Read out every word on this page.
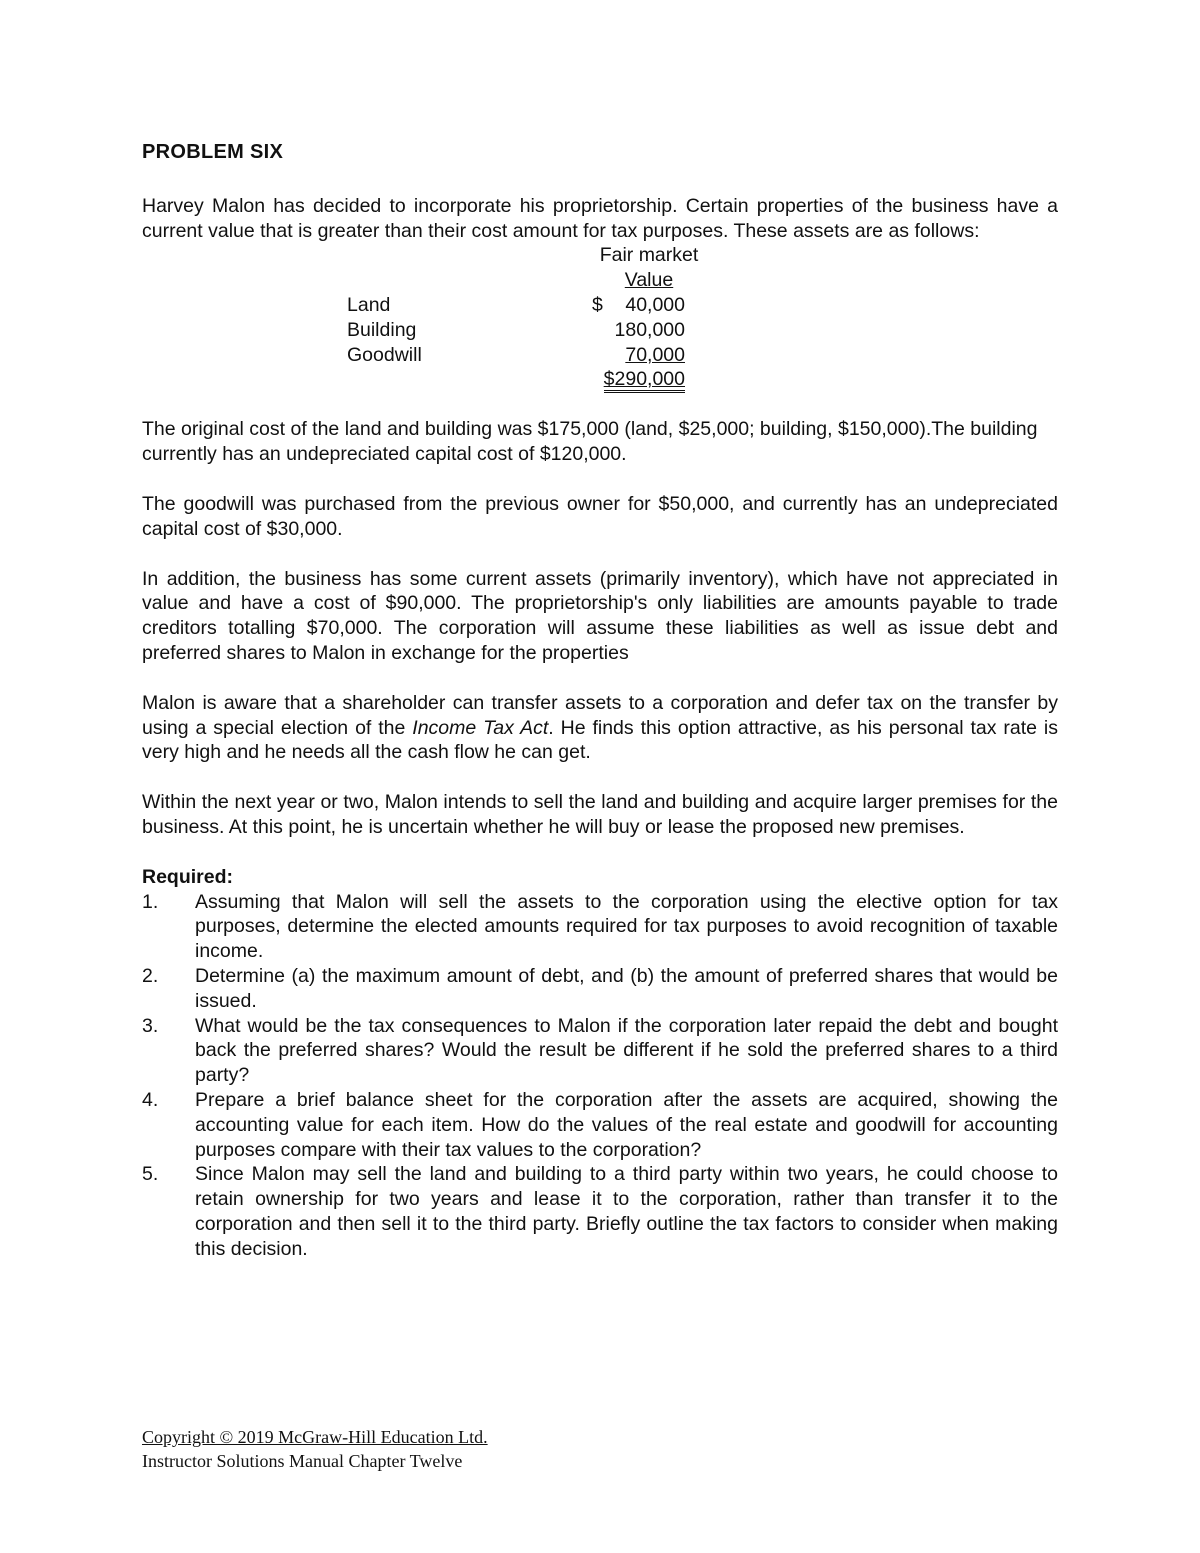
PROBLEM SIX

Harvey Malon has decided to incorporate his proprietorship. Certain properties of the business have a current value that is greater than their cost amount for tax purposes. These assets are as follows:

Fair market
Value
Land	$	40,000
Building	180,000
Goodwill	70,000
$290,000

The original cost of the land and building was $175,000 (land, $25,000; building, $150,000).The building currently has an undepreciated capital cost of $120,000.

The goodwill was purchased from the previous owner for $50,000, and currently has an undepreciated capital cost of $30,000.

In addition, the business has some current assets (primarily inventory), which have not appreciated in value and have a cost of $90,000. The proprietorship's only liabilities are amounts payable to trade creditors totalling $70,000. The corporation will assume these liabilities as well as issue debt and preferred shares to Malon in exchange for the properties

Malon is aware that a shareholder can transfer assets to a corporation and defer tax on the transfer by using a special election of the Income Tax Act. He finds this option attractive, as his personal tax rate is very high and he needs all the cash flow he can get.

Within the next year or two, Malon intends to sell the land and building and acquire larger premises for the business. At this point, he is uncertain whether he will buy or lease the proposed new premises.

Required:
1. Assuming that Malon will sell the assets to the corporation using the elective option for tax purposes, determine the elected amounts required for tax purposes to avoid recognition of taxable income.
2. Determine (a) the maximum amount of debt, and (b) the amount of preferred shares that would be issued.
3. What would be the tax consequences to Malon if the corporation later repaid the debt and bought back the preferred shares? Would the result be different if he sold the preferred shares to a third party?
4. Prepare a brief balance sheet for the corporation after the assets are acquired, showing the accounting value for each item. How do the values of the real estate and goodwill for accounting purposes compare with their tax values to the corporation?
5. Since Malon may sell the land and building to a third party within two years, he could choose to retain ownership for two years and lease it to the corporation, rather than transfer it to the corporation and then sell it to the third party. Briefly outline the tax factors to consider when making this decision.
Copyright © 2019 McGraw-Hill Education Ltd.
Instructor Solutions Manual Chapter Twelve
